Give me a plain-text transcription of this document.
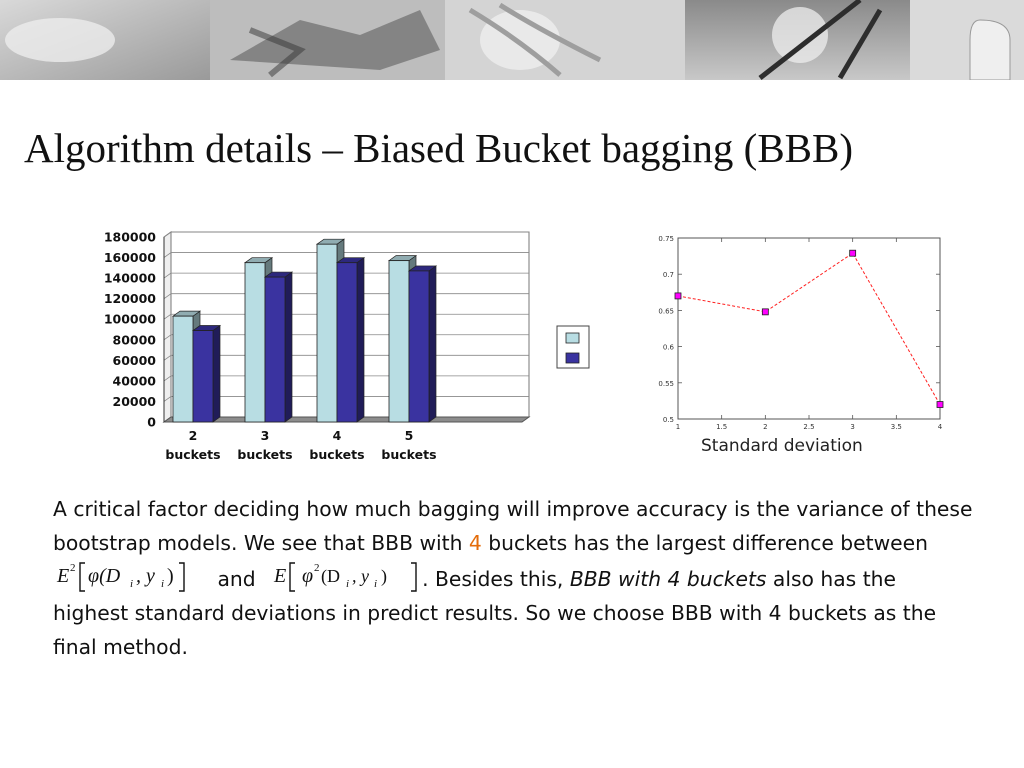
Algorithm details – Biased Bucket bagging (BBB)
0
20000
40000
60000
80000
100000
120000
140000
160000
180000
2
buckets
3
buckets
4
buckets
5
buckets
0.5
0.55
0.6
0.65
0.7
0.75
1	1.5	2	2.5	3	3.5	4
Standard deviation

A critical factor deciding how much bagging will improve accuracy is the variance of these bootstrap models. We see that BBB with 4 buckets has the largest difference between
E 2 φ(D i , y i ) and E φ 2 (D i , y i ) . Besides this, BBB with 4 buckets also has the highest standard deviations in predict results. So we choose BBB with 4 buckets as the final method.
